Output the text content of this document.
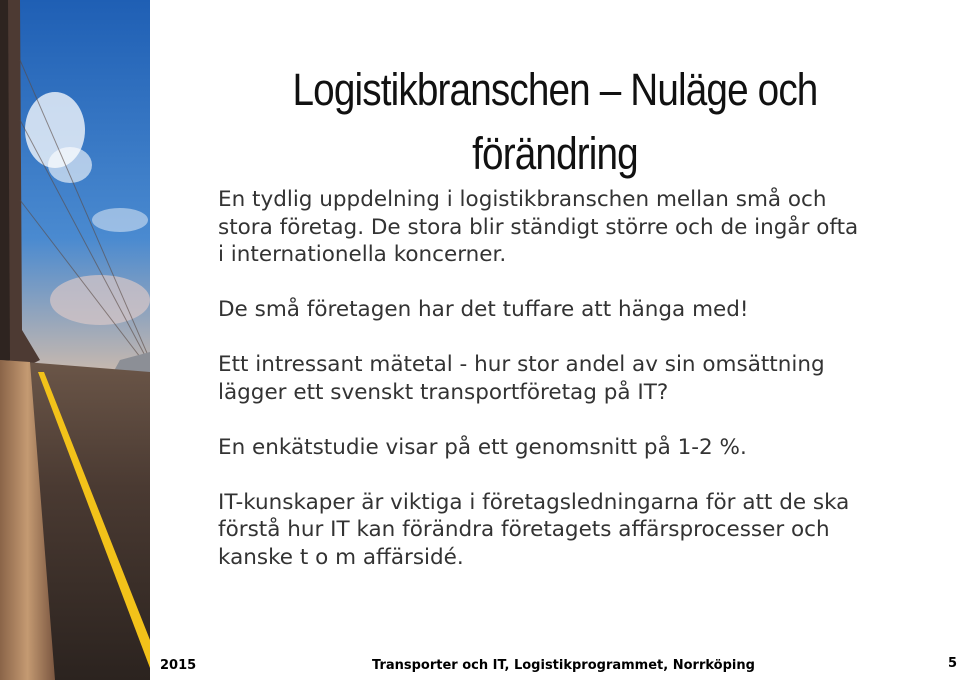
Logistikbranschen – Nuläge och
förändring

En tydlig uppdelning i logistikbranschen mellan små och
stora företag. De stora blir ständigt större och de ingår ofta
i internationella koncerner.

De små företagen har det tuffare att hänga med!

Ett intressant mätetal - hur stor andel av sin omsättning
lägger ett svenskt transportföretag på IT?

En enkätstudie visar på ett genomsnitt på 1-2 %.

IT-kunskaper är viktiga i företagsledningarna för att de ska
förstå hur IT kan förändra företagets affärsprocesser och
kanske t o m affärsidé.

2015	Transporter och IT, Logistikprogrammet, Norrköping	5
